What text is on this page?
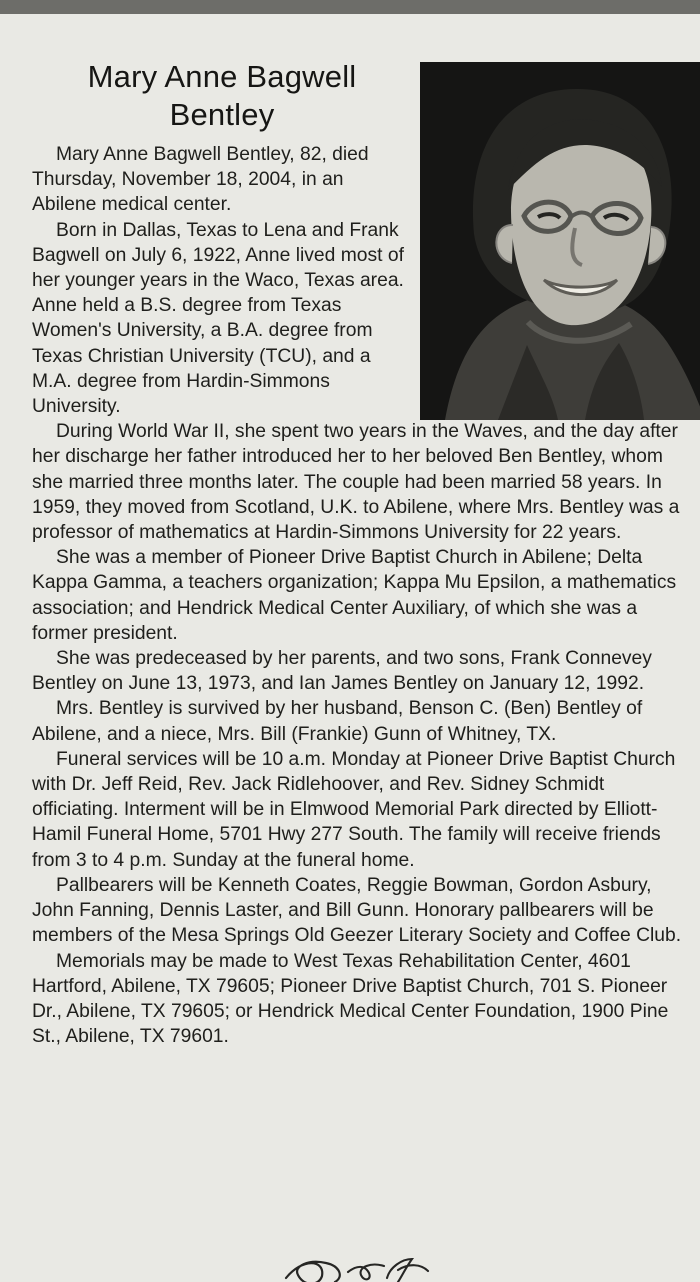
Mary Anne Bagwell Bentley

Mary Anne Bagwell Bentley, 82, died Thursday, November 18, 2004, in an Abilene medical center.

Born in Dallas, Texas to Lena and Frank Bagwell on July 6, 1922, Anne lived most of her younger years in the Waco, Texas area. Anne held a B.S. degree from Texas Women's University, a B.A. degree from Texas Christian University (TCU), and a M.A. degree from Hardin-Simmons University.

During World War II, she spent two years in the Waves, and the day after her discharge her father introduced her to her beloved Ben Bentley, whom she married three months later. The couple had been married 58 years. In 1959, they moved from Scotland, U.K. to Abilene, where Mrs. Bentley was a professor of mathematics at Hardin-Simmons University for 22 years.

She was a member of Pioneer Drive Baptist Church in Abilene; Delta Kappa Gamma, a teachers organization; Kappa Mu Epsilon, a mathematics association; and Hendrick Medical Center Auxiliary, of which she was a former president.

She was predeceased by her parents, and two sons, Frank Connevey Bentley on June 13, 1973, and Ian James Bentley on January 12, 1992.

Mrs. Bentley is survived by her husband, Benson C. (Ben) Bentley of Abilene, and a niece, Mrs. Bill (Frankie) Gunn of Whitney, TX.

Funeral services will be 10 a.m. Monday at Pioneer Drive Baptist Church with Dr. Jeff Reid, Rev. Jack Ridlehoover, and Rev. Sidney Schmidt officiating. Interment will be in Elmwood Memorial Park directed by Elliott-Hamil Funeral Home, 5701 Hwy 277 South. The family will receive friends from 3 to 4 p.m. Sunday at the funeral home.

Pallbearers will be Kenneth Coates, Reggie Bowman, Gordon Asbury, John Fanning, Dennis Laster, and Bill Gunn. Honorary pallbearers will be members of the Mesa Springs Old Geezer Literary Society and Coffee Club.

Memorials may be made to West Texas Rehabilitation Center, 4601 Hartford, Abilene, TX 79605; Pioneer Drive Baptist Church, 701 S. Pioneer Dr., Abilene, TX 79605; or Hendrick Medical Center Foundation, 1900 Pine St., Abilene, TX 79601.
